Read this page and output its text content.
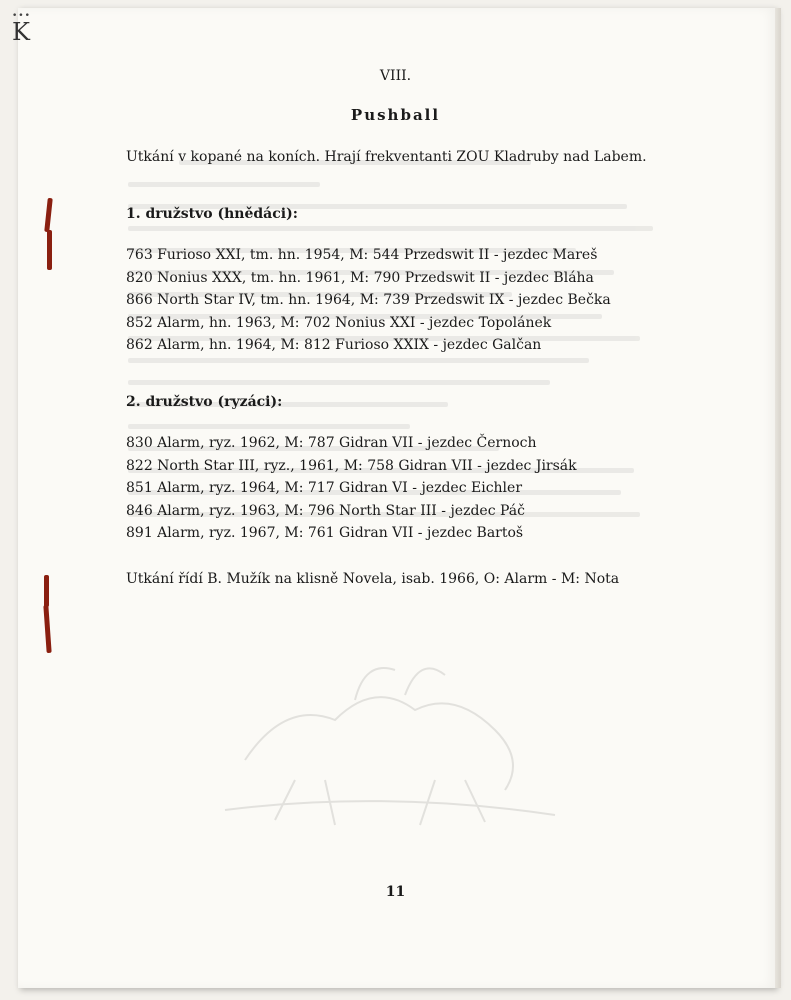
•••
K
VIII.
Pushball
Utkání v kopané na koních. Hrají frekventanti ZOU Kladruby nad Labem.
1. družstvo (hnědáci):
763 Furioso XXI, tm. hn. 1954, M: 544 Przedswit II - jezdec Mareš
820 Nonius XXX, tm. hn. 1961, M: 790 Przedswit II - jezdec Bláha
866 North Star IV, tm. hn. 1964, M: 739 Przedswit IX - jezdec Bečka
852 Alarm, hn. 1963, M: 702 Nonius XXI - jezdec Topolánek
862 Alarm, hn. 1964, M: 812 Furioso XXIX - jezdec Galčan
2. družstvo (ryzáci):
830 Alarm, ryz. 1962, M: 787 Gidran VII - jezdec Černoch
822 North Star III, ryz., 1961, M: 758 Gidran VII - jezdec Jirsák
851 Alarm, ryz. 1964, M: 717 Gidran VI - jezdec Eichler
846 Alarm, ryz. 1963, M: 796 North Star III - jezdec Páč
891 Alarm, ryz. 1967, M: 761 Gidran VII - jezdec Bartoš
Utkání řídí B. Mužík na klisně Novela, isab. 1966, O: Alarm - M: Nota
11
